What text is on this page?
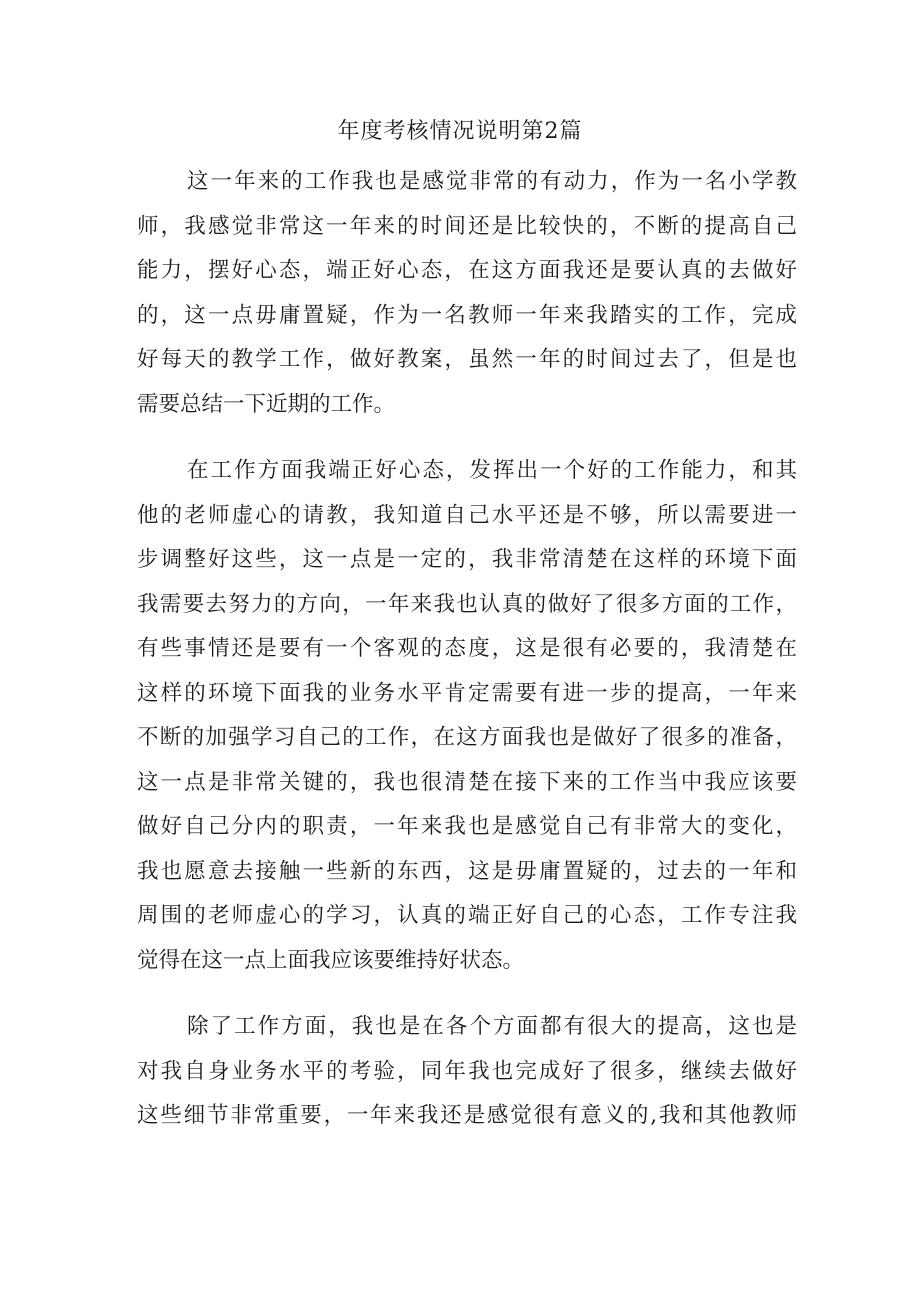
年度考核情况说明第2篇
这一年来的工作我也是感觉非常的有动力，作为一名小学教
师，我感觉非常这一年来的时间还是比较快的，不断的提高自己
能力，摆好心态，端正好心态，在这方面我还是要认真的去做好
的，这一点毋庸置疑，作为一名教师一年来我踏实的工作，完成
好每天的教学工作，做好教案，虽然一年的时间过去了，但是也
需要总结一下近期的工作。
在工作方面我端正好心态，发挥出一个好的工作能力，和其
他的老师虚心的请教，我知道自己水平还是不够，所以需要进一
步调整好这些，这一点是一定的，我非常清楚在这样的环境下面
我需要去努力的方向，一年来我也认真的做好了很多方面的工作，
有些事情还是要有一个客观的态度，这是很有必要的，我清楚在
这样的环境下面我的业务水平肯定需要有进一步的提高，一年来
不断的加强学习自己的工作，在这方面我也是做好了很多的准备，
这一点是非常关键的，我也很清楚在接下来的工作当中我应该要
做好自己分内的职责，一年来我也是感觉自己有非常大的变化，
我也愿意去接触一些新的东西，这是毋庸置疑的，过去的一年和
周围的老师虚心的学习，认真的端正好自己的心态，工作专注我
觉得在这一点上面我应该要维持好状态。
除了工作方面，我也是在各个方面都有很大的提高，这也是
对我自身业务水平的考验，同年我也完成好了很多，继续去做好
这些细节非常重要，一年来我还是感觉很有意义的,我和其他教师
